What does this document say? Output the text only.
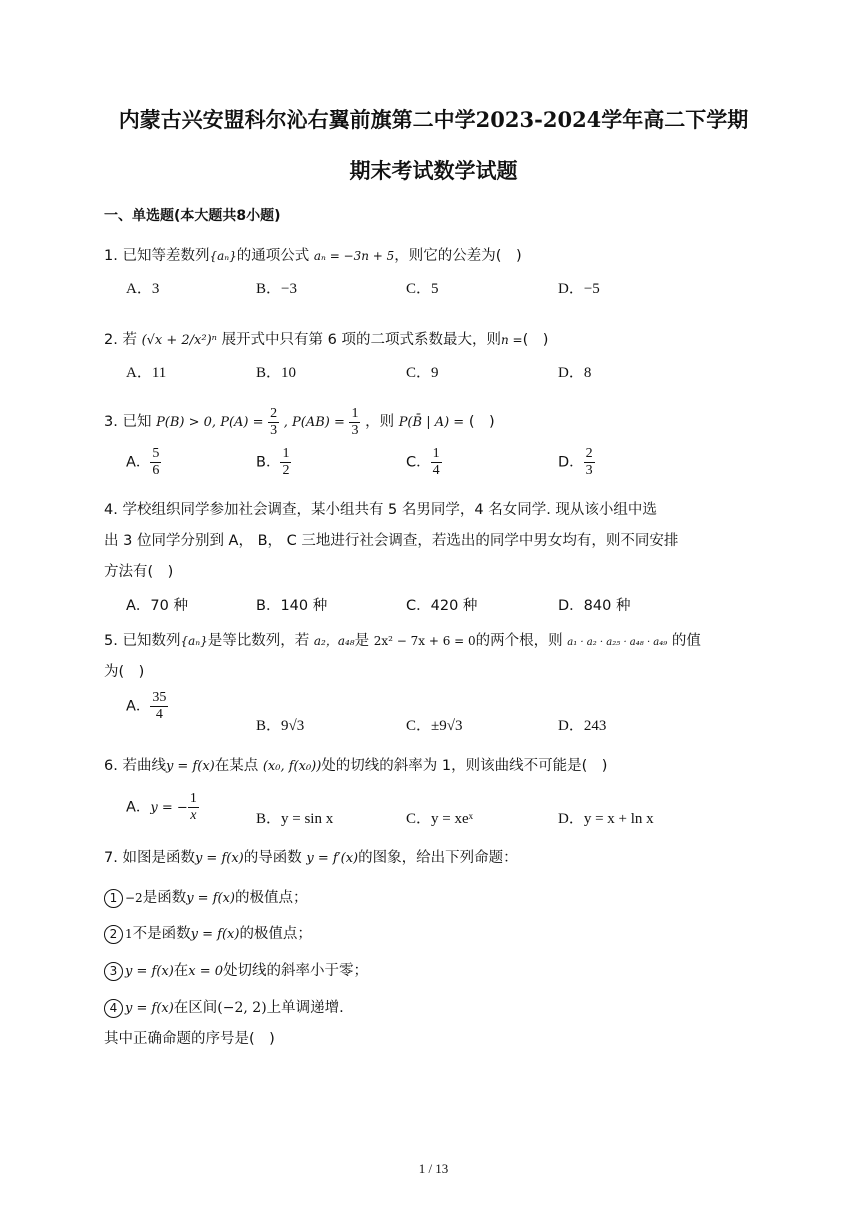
内蒙古兴安盟科尔沁右翼前旗第二中学2023-2024学年高二下学期
期末考试数学试题
一、单选题(本大题共8小题)
1. 已知等差数列{aₙ}的通项公式 aₙ = −3n + 5，则它的公差为(　)
A．3	B．−3	C．5	D．−5
2. 若 (√x + 2/x²)ⁿ 展开式中只有第 6 项的二项式系数最大，则n =(　)
A．11	B．10	C．9	D．8
3. 已知 P(B) > 0, $P(A) = \frac{2}{3}$ , $P(AB) = \frac{1}{3}$ ，则 P(B̄ | A) = (　)
A． $\frac{5}{6}$	B． $\frac{1}{2}$	C． $\frac{1}{4}$	D． $\frac{2}{3}$
4. 学校组织同学参加社会调查，某小组共有 5 名男同学，4 名女同学. 现从该小组中选
出 3 位同学分别到 A， B， C 三地进行社会调查，若选出的同学中男女均有，则不同安排
方法有(　)
A．70 种	B．140 种	C．420 种	D．840 种
5. 已知数列{aₙ}是等比数列，若 a₂，a₄₈是 2x² − 7x + 6 = 0的两个根，则 a₁ · a₂ · a₂₅ · a₄₈ · a₄₉ 的值
为(　)
A． $\frac{35}{4}$
B．9√3	C．±9√3	D．243
6. 若曲线y = f(x)在某点 (x₀, f(x₀))处的切线的斜率为 1，则该曲线不可能是(　)
A．y = − $\frac{1}{x}$	B．y = sin x	C．y = xeˣ	D．y = x + ln x
7. 如图是函数y = f(x)的导函数 y = f′(x)的图象，给出下列命题：
1 −2是函数y = f(x)的极值点；
2 1不是函数y = f(x)的极值点；
3 y = f(x)在x = 0处切线的斜率小于零；
4 y = f(x)在区间(−2, 2)上单调递增.
其中正确命题的序号是(　)
1 / 13
